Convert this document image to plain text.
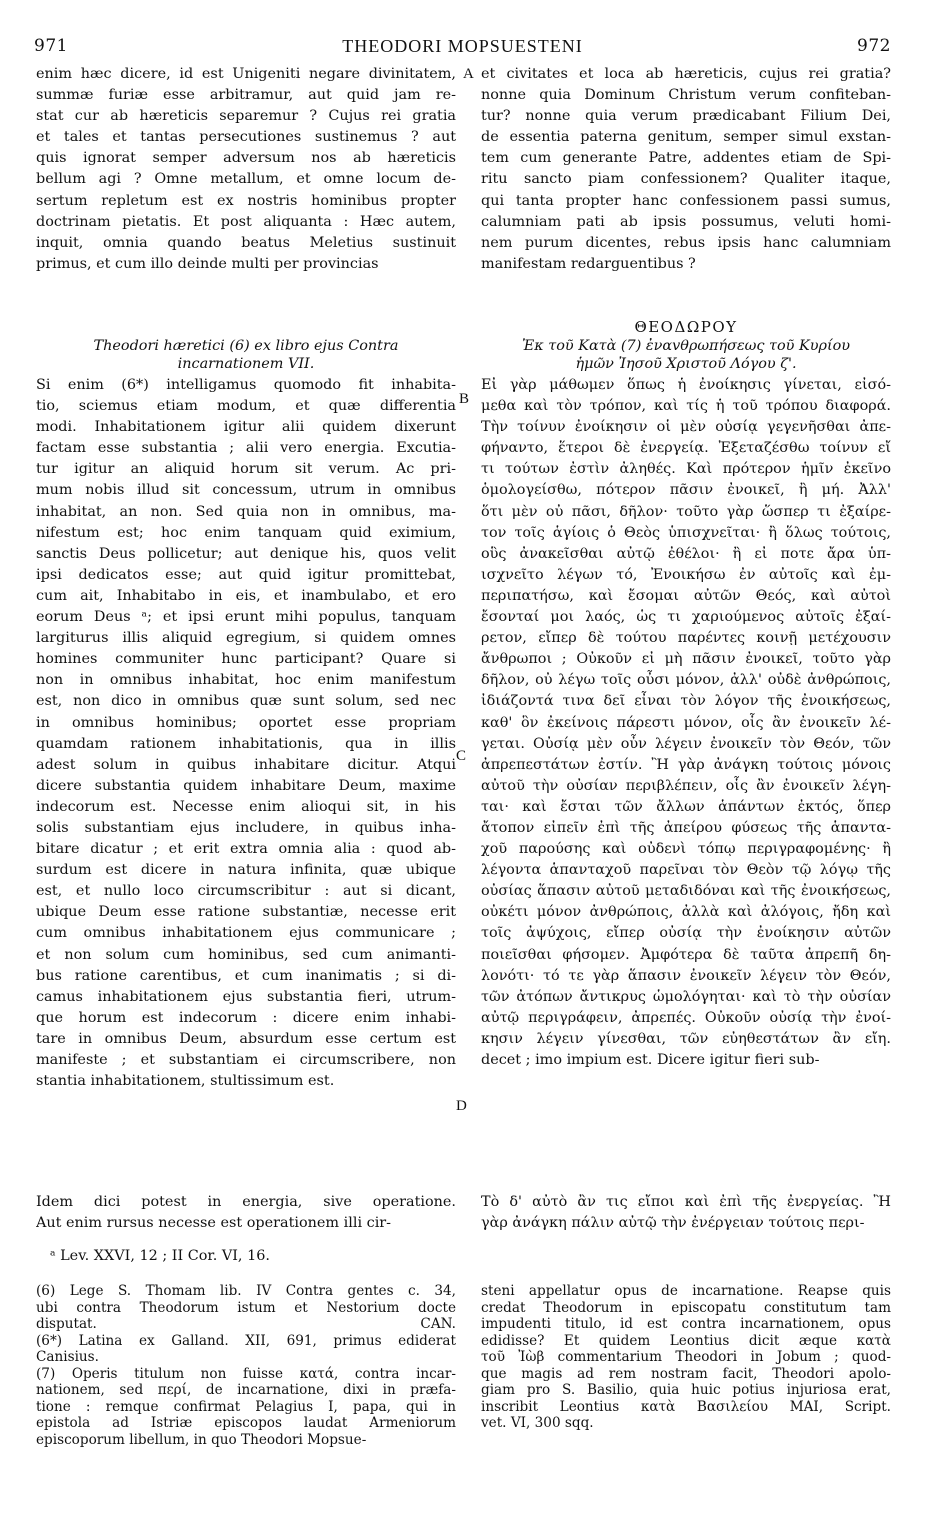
971	THEODORI MOPSUESTENI	972
A
B
C
D
enim hæc dicere, id est Unigeniti negare divinitatem,
summæ furiæ esse arbitramur, aut quid jam re-
stat cur ab hæreticis separemur ? Cujus rei gratia
et tales et tantas persecutiones sustinemus ? aut
quis ignorat semper adversum nos ab hæreticis
bellum agi ? Omne metallum, et omne locum de-
sertum repletum est ex nostris hominibus propter
doctrinam pietatis. Et post aliquanta : Hæc autem,
inquit, omnia quando beatus Meletius sustinuit
primus, et cum illo deinde multi per provincias
et civitates et loca ab hæreticis, cujus rei gratia?
nonne quia Dominum Christum verum confiteban-
tur? nonne quia verum prædicabant Filium Dei,
de essentia paterna genitum, semper simul exstan-
tem cum generante Patre, addentes etiam de Spi-
ritu sancto piam confessionem? Qualiter itaque,
qui tanta propter hanc confessionem passi sumus,
calumniam pati ab ipsis possumus, veluti homi-
nem purum dicentes, rebus ipsis hanc calumniam
manifestam redarguentibus ?
Theodori hæretici (6) ex libro ejus Contra
incarnationem VII.
ΘΕΟΔΩΡΟΥ
Ἐκ τοῦ Κατὰ (7) ἐναvθρωπήσεως τοῦ Κυρίου
ἡμῶν Ἰησοῦ Χριστοῦ Λόγου ζ'.
Si enim (6*) intelligamus quomodo fit inhabita-
tio, sciemus etiam modum, et quæ differentia
modi. Inhabitationem igitur alii quidem dixerunt
factam esse substantia ; alii vero energia. Excutia-
tur igitur an aliquid horum sit verum. Ac pri-
mum nobis illud sit concessum, utrum in omnibus
inhabitat, an non. Sed quia non in omnibus, ma-
nifestum est; hoc enim tanquam quid eximium,
sanctis Deus pollicetur; aut denique his, quos velit
ipsi dedicatos esse; aut quid igitur promittebat,
cum ait, Inhabitabo in eis, et inambulabo, et ero
eorum Deus ᵃ; et ipsi erunt mihi populus, tanquam
largiturus illis aliquid egregium, si quidem omnes
homines communiter hunc participant? Quare si
non in omnibus inhabitat, hoc enim manifestum
est, non dico in omnibus quæ sunt solum, sed nec
in omnibus hominibus; oportet esse propriam
quamdam rationem inhabitationis, qua in illis
adest solum in quibus inhabitare dicitur. Atqui
dicere substantia quidem inhabitare Deum, maxime
indecorum est. Necesse enim alioqui sit, in his
solis substantiam ejus includere, in quibus inha-
bitare dicatur ; et erit extra omnia alia : quod ab-
surdum est dicere in natura infinita, quæ ubique
est, et nullo loco circumscribitur : aut si dicant,
ubique Deum esse ratione substantiæ, necesse erit
cum omnibus inhabitationem ejus communicare ;
et non solum cum hominibus, sed cum animanti-
bus ratione carentibus, et cum inanimatis ; si di-
camus inhabitationem ejus substantia fieri, utrum-
que horum est indecorum : dicere enim inhabi-
tare in omnibus Deum, absurdum esse certum est
manifeste ; et substantiam ei circumscribere, non
stantia inhabitationem, stultissimum est.
Εἰ γὰρ μάθωμεν ὅπως ἡ ἐνοίκησις γίνεται, εἰσό-
μεθα καὶ τὸν τρόπον, καὶ τίς ἡ τοῦ τρόπου διαφορά.
Τὴν τοίνυν ἐνοίκησιν οἱ μὲν οὐσίᾳ γεγενῆσθαι ἀπε-
φήναντο, ἕτεροι δὲ ἐνεργείᾳ. Ἐξεταζέσθω τοίνυν εἴ
τι τούτων ἐστὶν ἀληθές. Καὶ πρότερον ἡμῖν ἐκεῖνο
ὁμολογείσθω, πότερον πᾶσιν ἐνοικεῖ, ἢ μή. Ἀλλ'
ὅτι μὲν οὐ πᾶσι, δῆλον· τοῦτο γὰρ ὥσπερ τι ἐξαίρε-
τον τοῖς ἁγίοις ὁ Θεὸς ὑπισχνεῖται· ἢ ὅλως τούτοις,
οὓς ἀνακεῖσθαι αὐτῷ ἐθέλοι· ἢ εἰ ποτε ἄρα ὑπ-
ισχνεῖτο λέγων τό, Ἐνοικήσω ἐν αὐτοῖς καὶ ἐμ-
περιπατήσω, καὶ ἔσομαι αὐτῶν Θεός, καὶ αὐτοὶ
ἔσονταί μοι λαός, ὡς τι χαριούμενος αὐτοῖς ἐξαί-
ρετον, εἴπερ δὲ τούτου παρέντες κοινῇ μετέχουσιν
ἄνθρωποι ; Οὐκοῦν εἰ μὴ πᾶσιν ἐνοικεῖ, τοῦτο γὰρ
δῆλον, οὐ λέγω τοῖς οὖσι μόνον, ἀλλ' οὐδὲ ἀνθρώποις,
ἰδιάζοντά τινα δεῖ εἶναι τὸν λόγον τῆς ἐνοικήσεως,
καθ' ὃν ἐκείνοις πάρεστι μόνον, οἷς ἂν ἐνοικεῖν λέ-
γεται. Οὐσίᾳ μὲν οὖν λέγειν ἐνοικεῖν τὸν Θεόν, τῶν
ἀπρεπεστάτων ἐστίν. Ἢ γὰρ ἀνάγκη τούτοις μόνοις
αὐτοῦ τὴν οὐσίαν περιβλέπειν, οἷς ἂν ἐνοικεῖν λέγη-
ται· καὶ ἔσται τῶν ἄλλων ἁπάντων ἐκτός, ὅπερ
ἄτοπον εἰπεῖν ἐπὶ τῆς ἀπείρου φύσεως τῆς ἁπαντα-
χοῦ παρούσης καὶ οὐδενὶ τόπῳ περιγραφομένης· ἢ
λέγοντα ἁπανταχοῦ παρεῖναι τὸν Θεὸν τῷ λόγῳ τῆς
οὐσίας ἅπασιν αὐτοῦ μεταδιδόναι καὶ τῆς ἐνοικήσεως,
οὐκέτι μόνον ἀνθρώποις, ἀλλὰ καὶ ἀλόγοις, ἤδη καὶ
τοῖς ἀψύχοις, εἴπερ οὐσίᾳ τὴν ἐνοίκησιν αὐτῶν
ποιεῖσθαι φήσομεν. Ἀμφότερα δὲ ταῦτα ἀπρεπῆ δη-
λονότι· τό τε γὰρ ἅπασιν ἐνοικεῖν λέγειν τὸν Θεόν,
τῶν ἀτόπων ἄντικρυς ὡμολόγηται· καὶ τὸ τὴν οὐσίαν
αὐτῷ περιγράφειν, ἀπρεπές. Οὐκοῦν οὐσίᾳ τὴν ἐνοί-
κησιν λέγειν γίνεσθαι, τῶν εὐηθεστάτων ἂν εἴη.
decet ; imo impium est. Dicere igitur fieri sub-
Idem dici potest in energia, sive operatione.
Aut enim rursus necesse est operationem illi cir-
Τὸ δ' αὐτὸ ἂν τις εἴποι καὶ ἐπὶ τῆς ἐνεργείας. Ἢ
γὰρ ἀνάγκη πάλιν αὐτῷ τὴν ἐνέργειαν τούτοις περι-
ᵃ Lev. XXVI, 12 ; II Cor. VI, 16.
(6) Lege S. Thomam lib. IV Contra gentes c. 34,
ubi contra Theodorum istum et Nestorium docte
disputat. CAN.
(6*) Latina ex Galland. XII, 691, primus ediderat
Canisius.
(7) Operis titulum non fuisse κατά, contra incar-
nationem, sed περί, de incarnatione, dixi in præfa-
tione : remque confirmat Pelagius I, papa, qui in
epistola ad Istriæ episcopos laudat Armeniorum
episcoporum libellum, in quo Theodori Mopsue-
steni appellatur opus de incarnatione. Reapse quis
credat Theodorum in episcopatu constitutum tam
impudenti titulo, id est contra incarnationem, opus
edidisse? Et quidem Leontius dicit æque κατὰ
τοῦ Ἰὼβ commentarium Theodori in Jobum ; quod-
que magis ad rem nostram facit, Theodori apolo-
giam pro S. Basilio, quia huic potius injuriosa erat,
inscribit Leontius κατὰ Βασιλείου MAI, Script.
vet. VI, 300 sqq.
